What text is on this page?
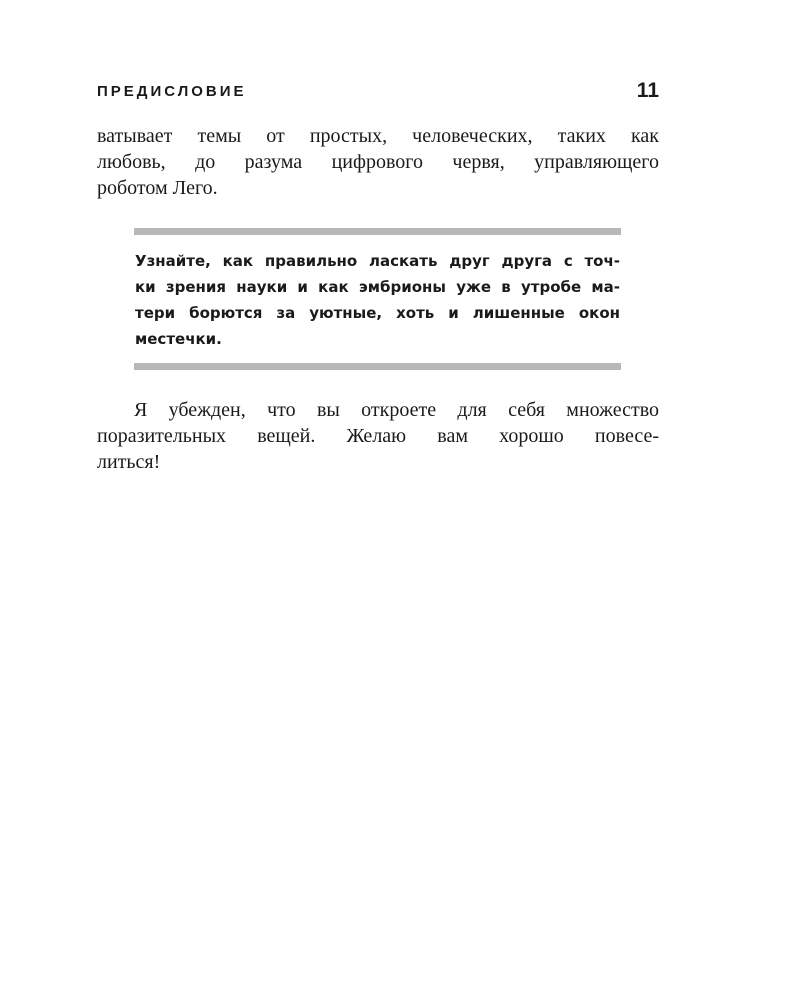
ПРЕДИСЛОВИЕ	11

ватывает темы от простых, человеческих, таких как
любовь, до разума цифрового червя, управляющего
роботом Лего.

Узнайте, как правильно ласкать друг друга с точ-
ки зрения науки и как эмбрионы уже в утробе ма-
тери борются за уютные, хоть и лишенные окон
местечки.

Я убежден, что вы откроете для себя множество
поразительных вещей. Желаю вам хорошо повесе-
литься!
